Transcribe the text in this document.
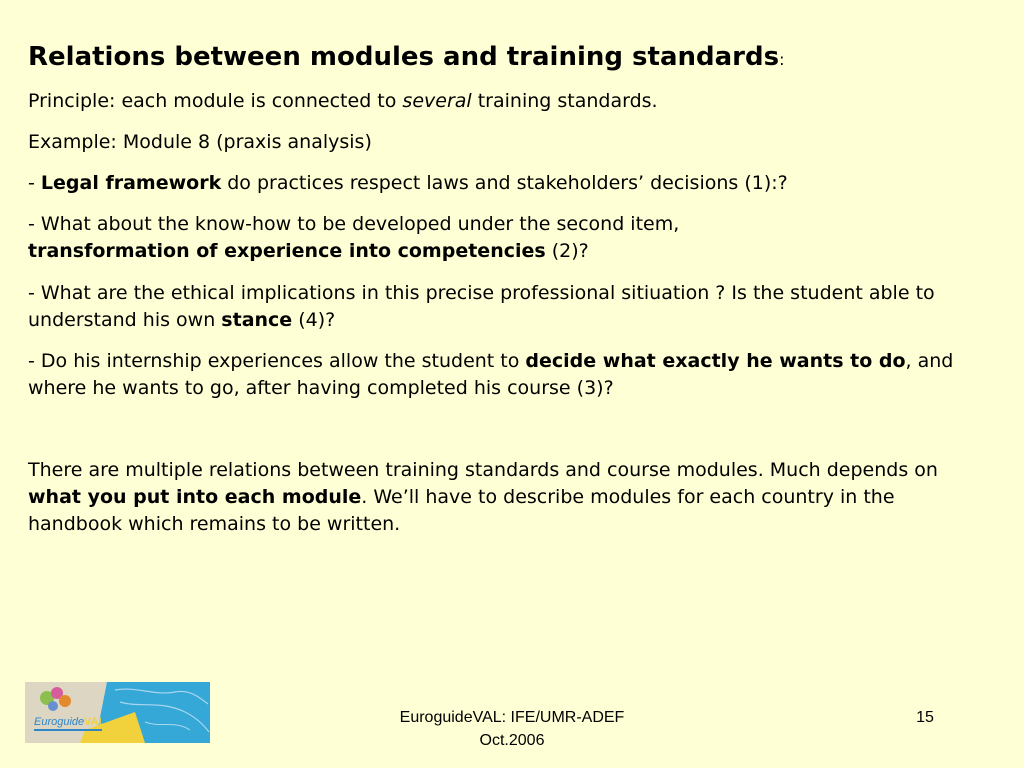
Relations between modules and training standards:

Principle: each module is connected to several training standards.

Example: Module 8 (praxis analysis)

- Legal framework do practices respect laws and stakeholders’ decisions (1):?

- What about the know-how to be developed under the second item,
transformation of experience into competencies (2)?

- What are the ethical implications in this precise professional sitiuation ? Is the student able to understand his own stance (4)?

- Do his internship experiences allow the student to decide what exactly he wants to do, and where he wants to go, after having completed his course (3)?

There are multiple relations between training standards and course modules. Much depends on what you put into each module. We’ll have to describe modules for each country in the handbook which remains to be written.

Euroguide VAL	EuroguideVAL: IFE/UMR-ADEF
Oct.2006
15
